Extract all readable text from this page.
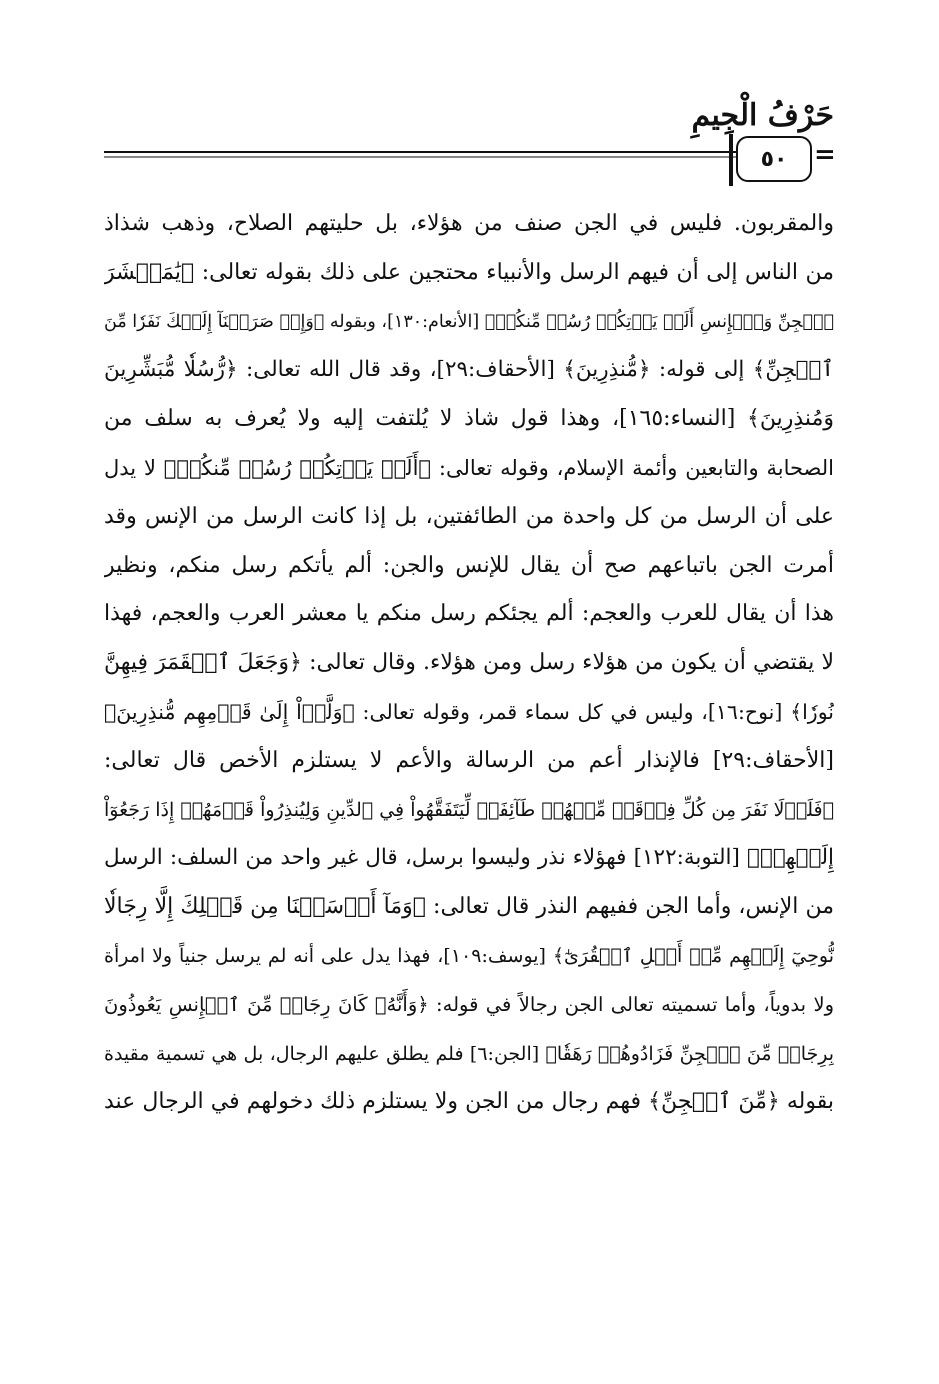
حَرْفُ الْجِيمِ
٥٠ =
والمقربون. فليس في الجن صنف من هؤلاء، بل حليتهم الصلاح، وذهب شذاذ
من الناس إلى أن فيهم الرسل والأنبياء محتجين على ذلك بقوله تعالى: ﴿يَٰمَعۡشَرَ
ٱلۡجِنِّ وَٱلۡإِنسِ أَلَمۡ يَأۡتِكُمۡ رُسُلٞ مِّنكُمۡ﴾ [الأنعام:١٣٠]، وبقوله ﴿وَإِذۡ صَرَفۡنَآ إِلَيۡكَ نَفَرٗا مِّنَ
ٱلۡجِنِّ﴾ إلى قوله: ﴿مُّنذِرِينَ﴾ [الأحقاف:٢٩]، وقد قال الله تعالى: ﴿رُّسُلٗا مُّبَشِّرِينَ
وَمُنذِرِينَ﴾ [النساء:١٦٥]، وهذا قول شاذ لا يُلتفت إليه ولا يُعرف به سلف من
الصحابة والتابعين وأئمة الإسلام، وقوله تعالى: ﴿أَلَمۡ يَأۡتِكُمۡ رُسُلٞ مِّنكُمۡ﴾ لا يدل
على أن الرسل من كل واحدة من الطائفتين، بل إذا كانت الرسل من الإنس وقد
أمرت الجن باتباعهم صح أن يقال للإنس والجن: ألم يأتكم رسل منكم، ونظير
هذا أن يقال للعرب والعجم: ألم يجئكم رسل منكم يا معشر العرب والعجم، فهذا
لا يقتضي أن يكون من هؤلاء رسل ومن هؤلاء. وقال تعالى: ﴿وَجَعَلَ ٱلۡقَمَرَ فِيهِنَّ
نُورٗا﴾ [نوح:١٦]، وليس في كل سماء قمر، وقوله تعالى: ﴿وَلَّوۡاْ إِلَىٰ قَوۡمِهِم مُّنذِرِينَ﴾
[الأحقاف:٢٩] فالإنذار أعم من الرسالة والأعم لا يستلزم الأخص قال تعالى:
﴿فَلَوۡلَا نَفَرَ مِن كُلِّ فِرۡقَةٖ مِّنۡهُمۡ طَآئِفَةٞ لِّيَتَفَقَّهُواْ فِي ٱلدِّينِ وَلِيُنذِرُواْ قَوۡمَهُمۡ إِذَا رَجَعُوٓاْ
إِلَيۡهِمۡ﴾ [التوبة:١٢٢] فهؤلاء نذر وليسوا برسل، قال غير واحد من السلف: الرسل
من الإنس، وأما الجن ففيهم النذر قال تعالى: ﴿وَمَآ أَرۡسَلۡنَا مِن قَبۡلِكَ إِلَّا رِجَالٗا
نُّوحِيٓ إِلَيۡهِم مِّنۡ أَهۡلِ ٱلۡقُرَىٰٓ﴾ [يوسف:١٠٩]، فهذا يدل على أنه لم يرسل جنياً ولا امرأة
ولا بدوياً، وأما تسميته تعالى الجن رجالاً في قوله: ﴿وَأَنَّهُۥ كَانَ رِجَالٞ مِّنَ ٱلۡإِنسِ يَعُوذُونَ
بِرِجَالٖ مِّنَ ٱلۡجِنِّ فَزَادُوهُمۡ رَهَقٗا﴾ [الجن:٦] فلم يطلق عليهم الرجال، بل هي تسمية مقيدة
بقوله ﴿مِّنَ ٱلۡجِنِّ﴾ فهم رجال من الجن ولا يستلزم ذلك دخولهم في الرجال عند
